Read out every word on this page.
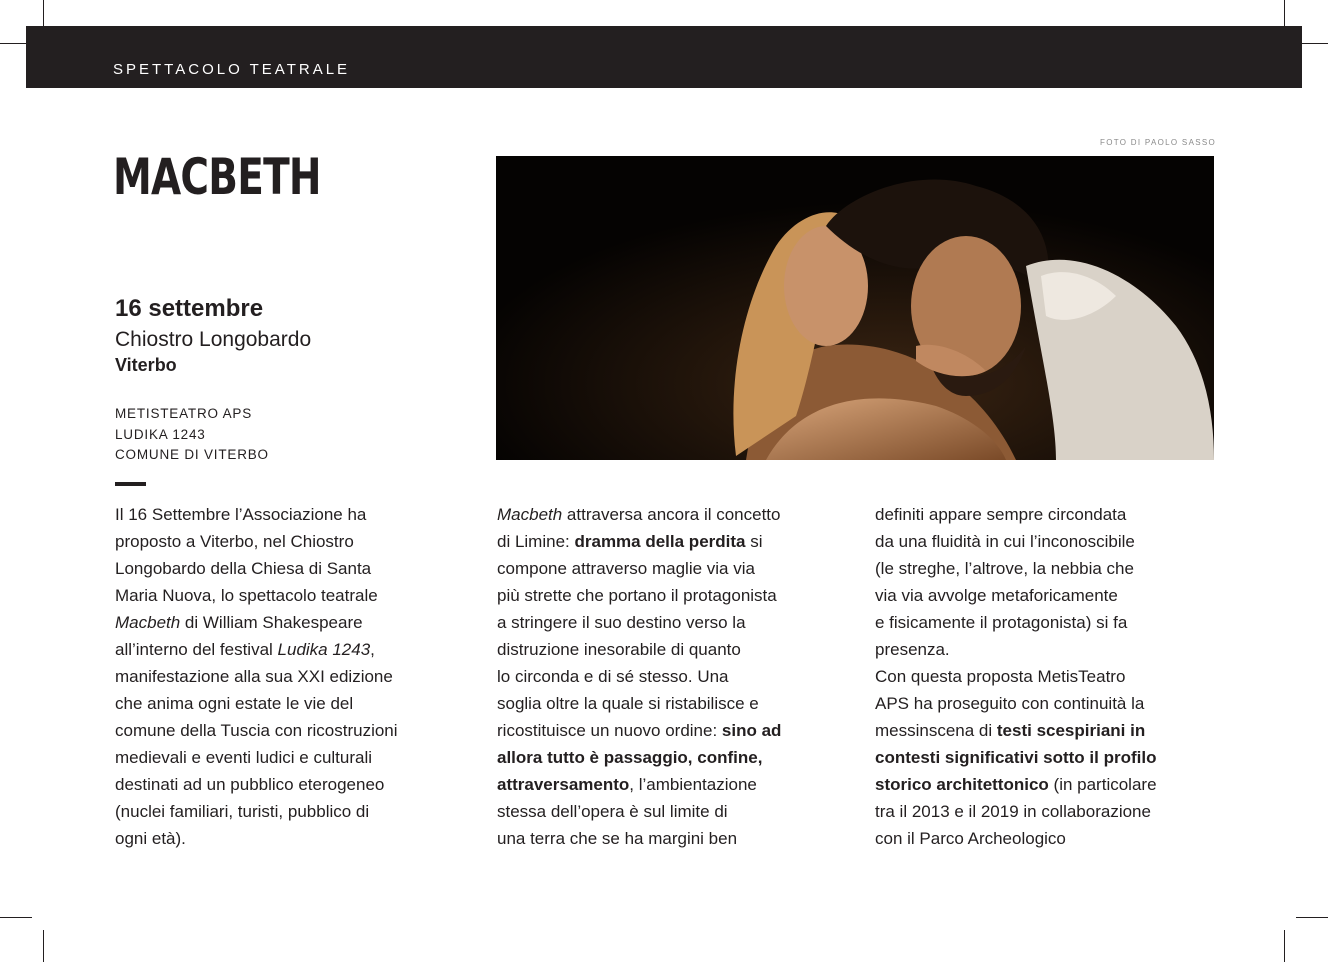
SPETTACOLO TEATRALE
MACBETH
16 settembre
Chiostro Longobardo
Viterbo
METISTEATRO APS
LUDIKA 1243
COMUNE DI VITERBO
FOTO DI PAOLO SASSO
Il 16 Settembre l’Associazione ha
proposto a Viterbo, nel Chiostro
Longobardo della Chiesa di Santa
Maria Nuova, lo spettacolo teatrale
Macbeth di William Shakespeare
all’interno del festival Ludika 1243,
manifestazione alla sua XXI edizione
che anima ogni estate le vie del
comune della Tuscia con ricostruzioni
medievali e eventi ludici e culturali
destinati ad un pubblico eterogeneo
(nuclei familiari, turisti, pubblico di
ogni età).
Macbeth attraversa ancora il concetto
di Limine: dramma della perdita si
compone attraverso maglie via via
più strette che portano il protagonista
a stringere il suo destino verso la
distruzione inesorabile di quanto
lo circonda e di sé stesso. Una
soglia oltre la quale si ristabilisce e
ricostituisce un nuovo ordine: sino ad
allora tutto è passaggio, confine,
attraversamento, l’ambientazione
stessa dell’opera è sul limite di
una terra che se ha margini ben
definiti appare sempre circondata
da una fluidità in cui l’inconoscibile
(le streghe, l’altrove, la nebbia che
via via avvolge metaforicamente
e fisicamente il protagonista) si fa
presenza.
Con questa proposta MetisTeatro
APS ha proseguito con continuità la
messinscena di testi scespiriani in
contesti significativi sotto il profilo
storico architettonico (in particolare
tra il 2013 e il 2019 in collaborazione
con il Parco Archeologico
